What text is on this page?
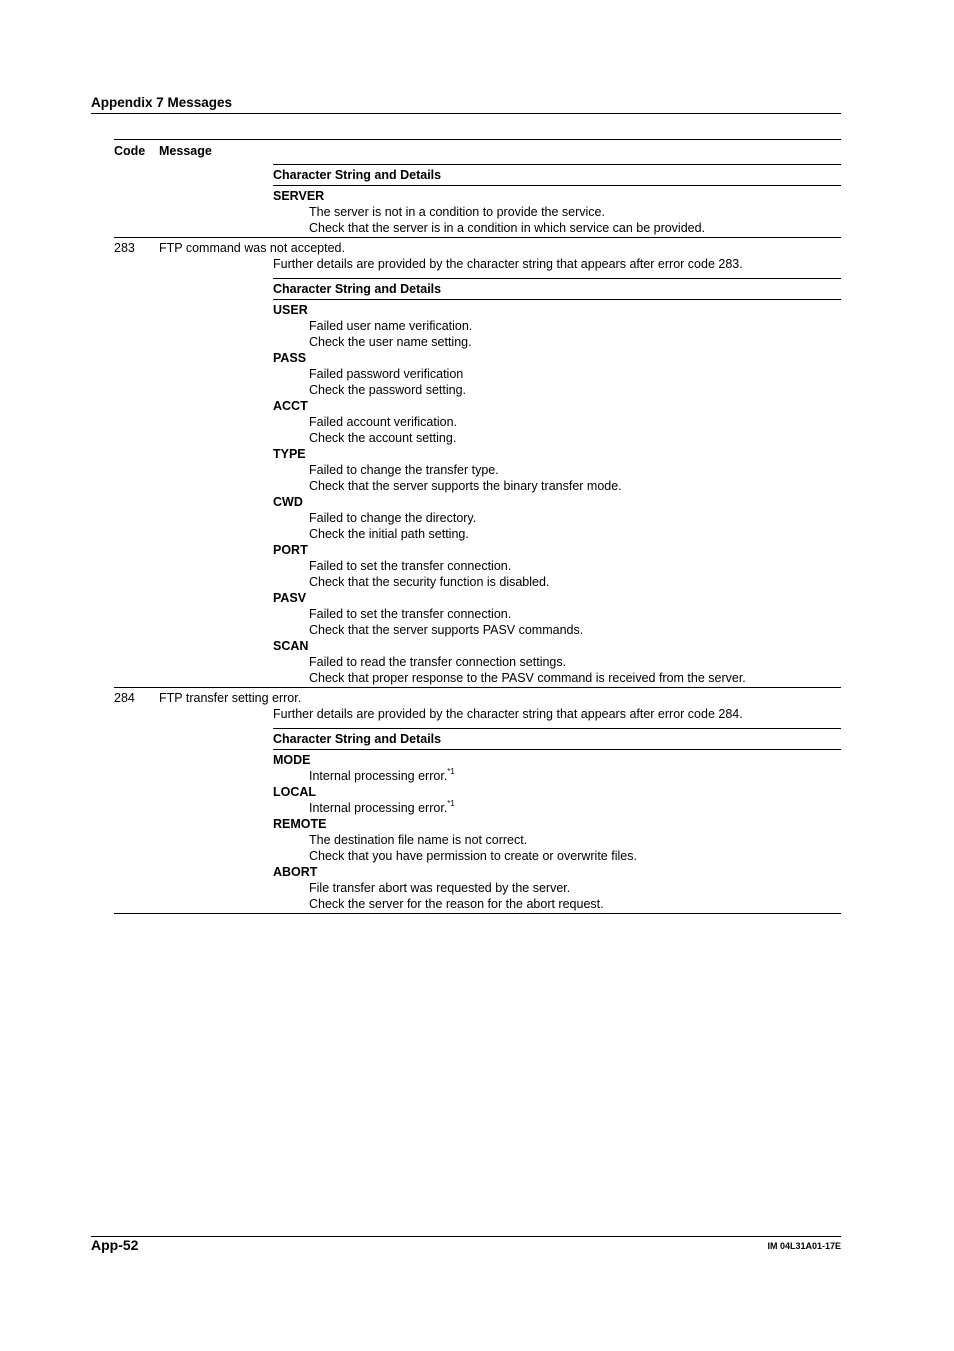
Appendix 7 Messages
Code Message
Character String and Details
SERVER
The server is not in a condition to provide the service.
Check that the server is in a condition in which service can be provided.
283 FTP command was not accepted.
Further details are provided by the character string that appears after error code 283.
Character String and Details
USER
Failed user name verification.
Check the user name setting.
PASS
Failed password verification
Check the password setting.
ACCT
Failed account verification.
Check the account setting.
TYPE
Failed to change the transfer type.
Check that the server supports the binary transfer mode.
CWD
Failed to change the directory.
Check the initial path setting.
PORT
Failed to set the transfer connection.
Check that the security function is disabled.
PASV
Failed to set the transfer connection.
Check that the server supports PASV commands.
SCAN
Failed to read the transfer connection settings.
Check that proper response to the PASV command is received from the server.
284 FTP transfer setting error.
Further details are provided by the character string that appears after error code 284.
Character String and Details
MODE
Internal processing error.$^{*1}$
LOCAL
Internal processing error.$^{*1}$
REMOTE
The destination file name is not correct.
Check that you have permission to create or overwrite files.
ABORT
File transfer abort was requested by the server.
Check the server for the reason for the abort request.
App-52	IM 04L31A01-17E
